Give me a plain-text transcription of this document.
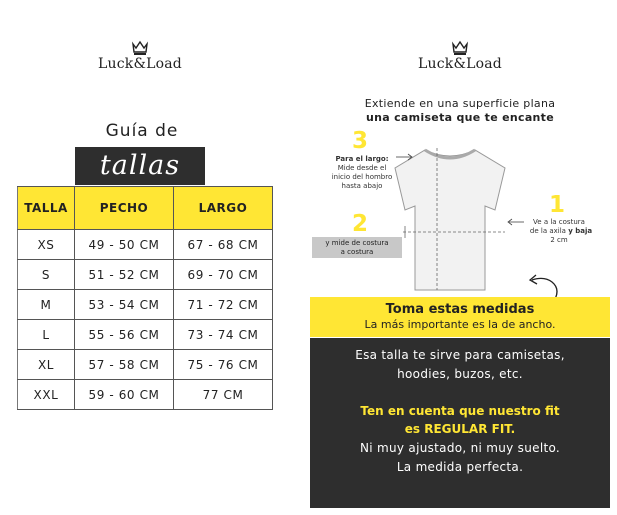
Luck&Load	Luck&Load
Guía de
tallas
TALLA	PECHO	LARGO
XS	49 - 50 CM	67 - 68 CM
S	51 - 52 CM	69 - 70 CM
M	53 - 54 CM	71 - 72 CM
L	55 - 56 CM	73 - 74 CM
XL	57 - 58 CM	75 - 76 CM
XXL	59 - 60 CM	77 CM
Extiende en una superficie plana
una camiseta que te encante
3
Para el largo:
Mide desde el
inicio del hombro
hasta abajo
2
y mide de costura
a costura
1
Ve a la costura
de la axila y baja
2 cm
Toma estas medidas
La más importante es la de ancho.
Esa talla te sirve para camisetas,
hoodies, buzos, etc.
Ten en cuenta que nuestro fit
es REGULAR FIT.
Ni muy ajustado, ni muy suelto.
La medida perfecta.
